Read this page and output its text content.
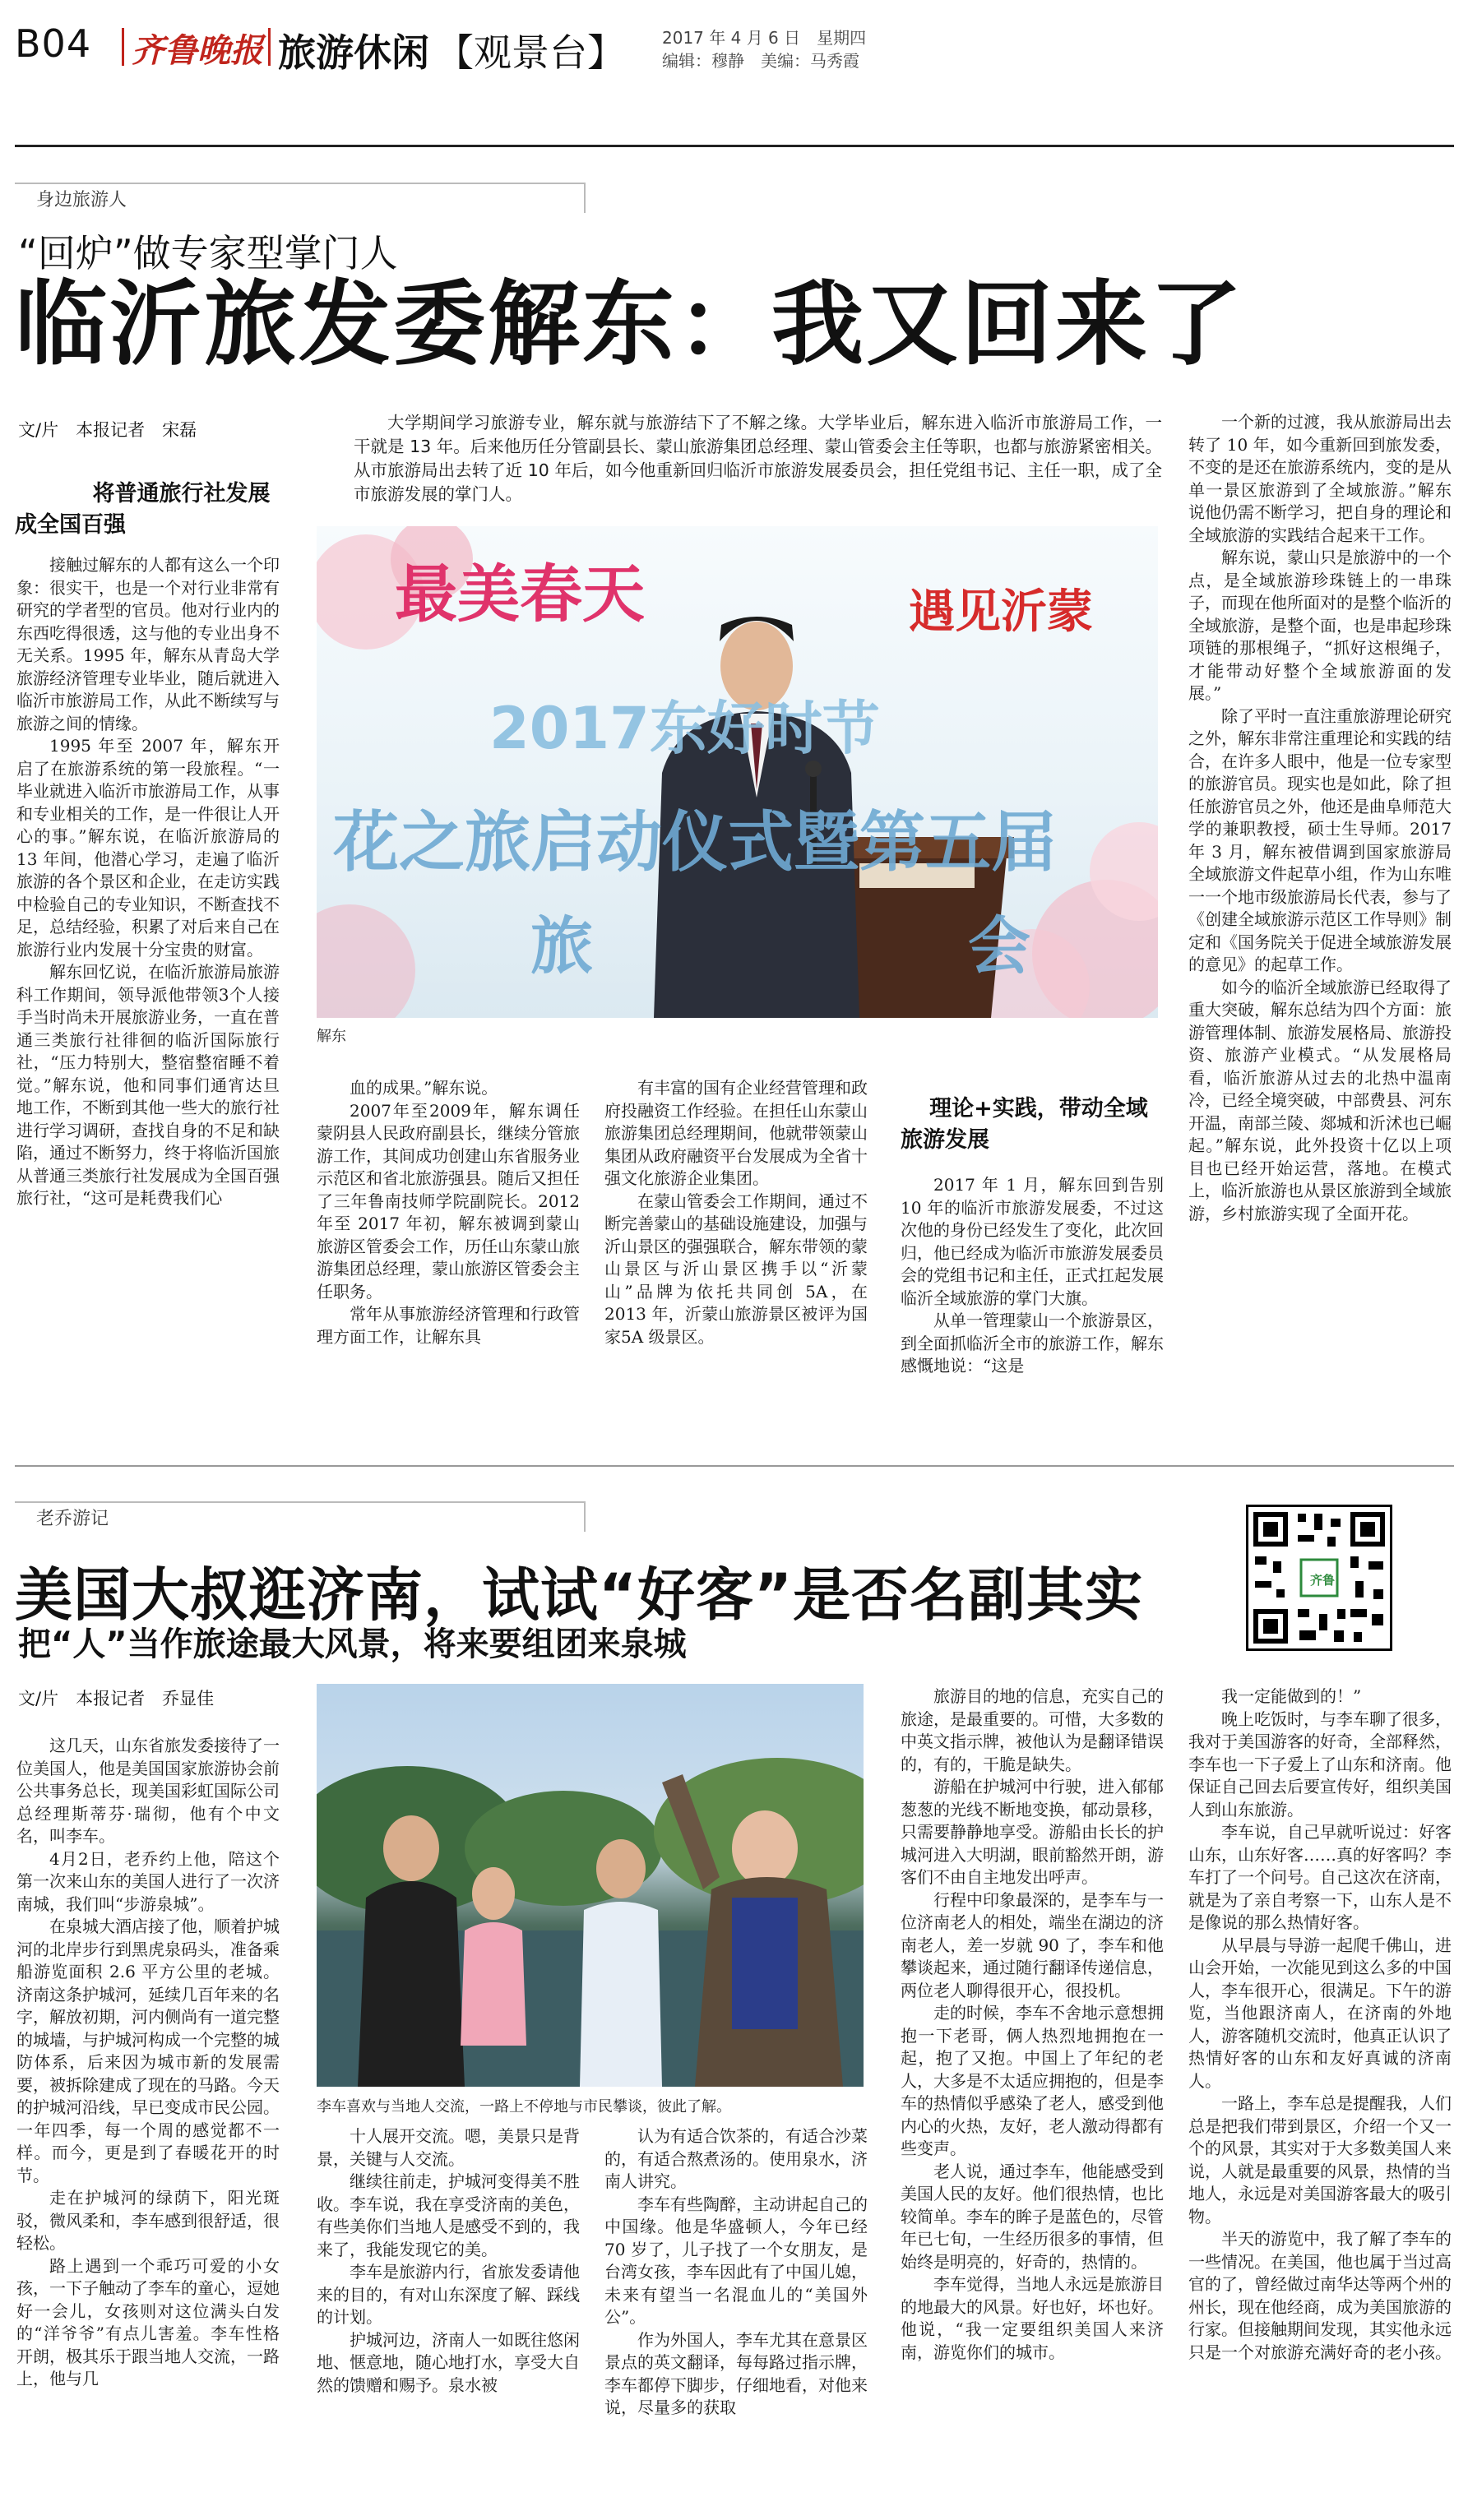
B04 齐鲁晚报 旅游休闲 【观景台】 2017 年 4 月 6 日　星期四
编辑：穆静　美编：马秀霞
身边旅游人
“回炉”做专家型掌门人
临沂旅发委解东：我又回来了
文/片　本报记者　宋磊	大学期间学习旅游专业，解东就与旅游结下了不解之缘。大学毕业后，解东进入临沂市旅游局工作，一干就是 13 年。后来他历任分管副县长、蒙山旅游集团总经理、蒙山管委会主任等职，也都与旅游紧密相关。从市旅游局出去转了近 10 年后，如今他重新回归临沂市旅游发展委员会，担任党组书记、主任一职，成了全市旅游发展的掌门人。

最美春天	遇见沂蒙
2017东好时节
花之旅启动仪式暨第五届
旅　　　　　　会
解东
将普通旅行社发展成全国百强

接触过解东的人都有这么一个印象：很实干，也是一个对行业非常有研究的学者型的官员。他对行业内的东西吃得很透，这与他的专业出身不无关系。1995 年，解东从青岛大学旅游经济管理专业毕业，随后就进入临沂市旅游局工作，从此不断续写与旅游之间的情缘。

1995 年至 2007 年，解东开启了在旅游系统的第一段旅程。“一毕业就进入临沂市旅游局工作，从事和专业相关的工作，是一件很让人开心的事。”解东说，在临沂旅游局的 13 年间，他潜心学习，走遍了临沂旅游的各个景区和企业，在走访实践中检验自己的专业知识，不断查找不足，总结经验，积累了对后来自己在旅游行业内发展十分宝贵的财富。

解东回忆说，在临沂旅游局旅游科工作期间，领导派他带领3个人接手当时尚未开展旅游业务，一直在普通三类旅行社徘徊的临沂国际旅行社，“压力特别大，整宿整宿睡不着觉。”解东说，他和同事们通宵达旦地工作，不断到其他一些大的旅行社进行学习调研，查找自身的不足和缺陷，通过不断努力，终于将临沂国旅从普通三类旅行社发展成为全国百强旅行社，“这可是耗费我们心

血的成果。”解东说。

2007年至2009年，解东调任蒙阴县人民政府副县长，继续分管旅游工作，其间成功创建山东省服务业示范区和省北旅游强县。随后又担任了三年鲁南技师学院副院长。2012 年至 2017 年初，解东被调到蒙山旅游区管委会工作，历任山东蒙山旅游集团总经理，蒙山旅游区管委会主任职务。

常年从事旅游经济管理和行政管理方面工作，让解东具

有丰富的国有企业经营管理和政府投融资工作经验。在担任山东蒙山旅游集团总经理期间，他就带领蒙山集团从政府融资平台发展成为全省十强文化旅游企业集团。

在蒙山管委会工作期间，通过不断完善蒙山的基础设施建设，加强与沂山景区的强强联合，解东带领的蒙山景区与沂山景区携手以“沂蒙山”品牌为依托共同创 5A，在 2013 年，沂蒙山旅游景区被评为国家5A 级景区。

理论+实践，带动全域旅游发展

2017 年 1 月，解东回到告别 10 年的临沂市旅游发展委，不过这次他的身份已经发生了变化，此次回归，他已经成为临沂市旅游发展委员会的党组书记和主任，正式扛起发展临沂全域旅游的掌门大旗。

从单一管理蒙山一个旅游景区，到全面抓临沂全市的旅游工作，解东感慨地说：“这是

一个新的过渡，我从旅游局出去转了 10 年，如今重新回到旅发委，不变的是还在旅游系统内，变的是从单一景区旅游到了全域旅游。”解东说他仍需不断学习，把自身的理论和全域旅游的实践结合起来干工作。

解东说，蒙山只是旅游中的一个点，是全域旅游珍珠链上的一串珠子，而现在他所面对的是整个临沂的全域旅游，是整个面，也是串起珍珠项链的那根绳子，“抓好这根绳子，才能带动好整个全域旅游面的发展。”

除了平时一直注重旅游理论研究之外，解东非常注重理论和实践的结合，在许多人眼中，他是一位专家型的旅游官员。现实也是如此，除了担任旅游官员之外，他还是曲阜师范大学的兼职教授，硕士生导师。2017 年 3 月，解东被借调到国家旅游局全域旅游文件起草小组，作为山东唯一一个地市级旅游局长代表，参与了《创建全域旅游示范区工作导则》制定和《国务院关于促进全域旅游发展的意见》的起草工作。

如今的临沂全域旅游已经取得了重大突破，解东总结为四个方面：旅游管理体制、旅游发展格局、旅游投资、旅游产业模式。“从发展格局看，临沂旅游从过去的北热中温南冷，已经全境突破，中部费县、河东开温，南部兰陵、郯城和沂沭也已崛起。”解东说，此外投资十亿以上项目也已经开始运营，落地。在模式上，临沂旅游也从景区旅游到全域旅游，乡村旅游实现了全面开花。

老乔游记
美国大叔逛济南，试试“好客”是否名副其实
把“人”当作旅途最大风景，将来要组团来泉城
齐鲁
文/片　本报记者　乔显佳
李车喜欢与当地人交流，一路上不停地与市民攀谈，彼此了解。

这几天，山东省旅发委接待了一位美国人，他是美国国家旅游协会前公共事务总长，现美国彩虹国际公司总经理斯蒂芬·瑞彻，他有个中文名，叫李车。

4月2日，老乔约上他，陪这个第一次来山东的美国人进行了一次济南城，我们叫“步游泉城”。

在泉城大酒店接了他，顺着护城河的北岸步行到黑虎泉码头，准备乘船游览面积 2.6 平方公里的老城。济南这条护城河，延续几百年来的名字，解放初期，河内侧尚有一道完整的城墙，与护城河构成一个完整的城防体系，后来因为城市新的发展需要，被拆除建成了现在的马路。今天的护城河沿线，早已变成市民公园。一年四季，每一个周的感觉都不一样。而今，更是到了春暖花开的时节。

走在护城河的绿荫下，阳光斑驳，微风柔和，李车感到很舒适，很轻松。

路上遇到一个乖巧可爱的小女孩，一下子触动了李车的童心，逗她好一会儿，女孩则对这位满头白发的“洋爷爷”有点儿害羞。李车性格开朗，极其乐于跟当地人交流，一路上，他与几

十人展开交流。嗯，美景只是背景，关键与人交流。

继续往前走，护城河变得美不胜收。李车说，我在享受济南的美色，有些美你们当地人是感受不到的，我来了，我能发现它的美。

李车是旅游内行，省旅发委请他来的目的，有对山东深度了解、踩线的计划。

护城河边，济南人一如既往悠闲地、惬意地，随心地打水，享受大自然的馈赠和赐予。泉水被

认为有适合饮茶的，有适合沙菜的，有适合熬煮汤的。使用泉水，济南人讲究。

李车有些陶醉，主动讲起自己的中国缘。他是华盛顿人，今年已经 70 岁了，儿子找了一个女朋友，是台湾女孩，李车因此有了中国儿媳，未来有望当一名混血儿的“美国外公”。

作为外国人，李车尤其在意景区景点的英文翻译，每每路过指示牌，李车都停下脚步，仔细地看，对他来说，尽量多的获取

旅游目的地的信息，充实自己的旅途，是最重要的。可惜，大多数的中英文指示牌，被他认为是翻译错误的，有的，干脆是缺失。

游船在护城河中行驶，进入郁郁葱葱的光线不断地变换，郁动景移，只需要静静地享受。游船由长长的护城河进入大明湖，眼前豁然开朗，游客们不由自主地发出呼声。

行程中印象最深的，是李车与一位济南老人的相处，端坐在湖边的济南老人，差一岁就 90 了，李车和他攀谈起来，通过随行翻译传递信息，两位老人聊得很开心，很投机。

走的时候，李车不舍地示意想拥抱一下老哥，俩人热烈地拥抱在一起，抱了又抱。中国上了年纪的老人，大多是不太适应拥抱的，但是李车的热情似乎感染了老人，感受到他内心的火热，友好，老人激动得都有些变声。

老人说，通过李车，他能感受到美国人民的友好。他们很热情，也比较简单。李车的眸子是蓝色的，尽管年已七旬，一生经历很多的事情，但始终是明亮的，好奇的，热情的。

李车觉得，当地人永远是旅游目的地最大的风景。好也好，坏也好。他说，“我一定要组织美国人来济南，游览你们的城市。

我一定能做到的！”

晚上吃饭时，与李车聊了很多，我对于美国游客的好奇，全部释然，李车也一下子爱上了山东和济南。他保证自己回去后要宣传好，组织美国人到山东旅游。

李车说，自己早就听说过：好客山东，山东好客……真的好客吗？李车打了一个问号。自己这次在济南，就是为了亲自考察一下，山东人是不是像说的那么热情好客。

从早晨与导游一起爬千佛山，进山会开始，一次能见到这么多的中国人，李车很开心，很满足。下午的游览，当他跟济南人，在济南的外地人，游客随机交流时，他真正认识了热情好客的山东和友好真诚的济南人。

一路上，李车总是提醒我，人们总是把我们带到景区，介绍一个又一个的风景，其实对于大多数美国人来说，人就是最重要的风景，热情的当地人，永远是对美国游客最大的吸引物。

半天的游览中，我了解了李车的一些情况。在美国，他也属于当过高官的了，曾经做过南华达等两个州的州长，现在他经商，成为美国旅游的行家。但接触期间发现，其实他永远只是一个对旅游充满好奇的老小孩。
